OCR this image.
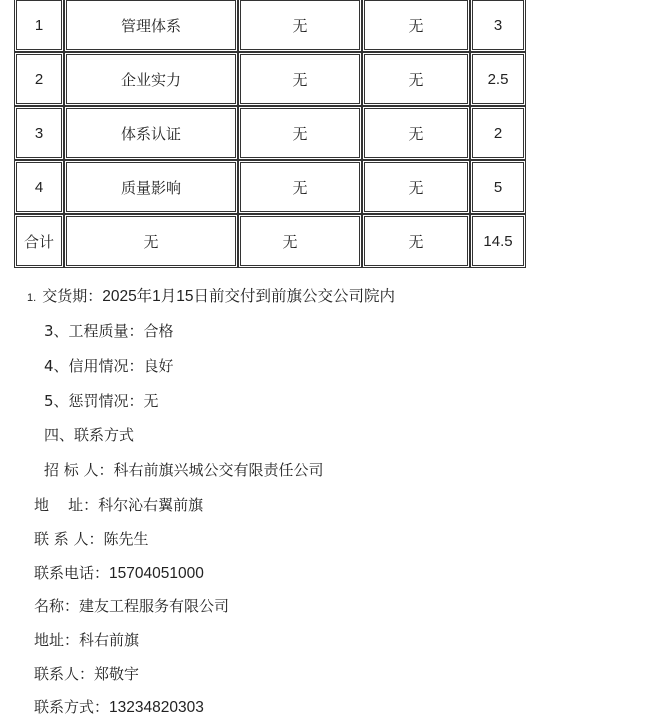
1	管理体系	无	无	3
2	企业实力	无	无	2.5
3	体系认证	无	无	2
4	质量影响	无	无	5
合计	无	无	无	14.5
1. 交货期：2025年1月15日前交付到前旗公交公司院内
3、工程质量：合格
4、信用情况：良好
5、惩罚情况：无
四、联系方式
招 标 人：科右前旗兴城公交有限责任公司
地    址：科尔沁右翼前旗
联 系 人：陈先生
联系电话：15704051000
名称：建友工程服务有限公司
地址：科右前旗
联系人：郑敬宇
联系方式：13234820303
